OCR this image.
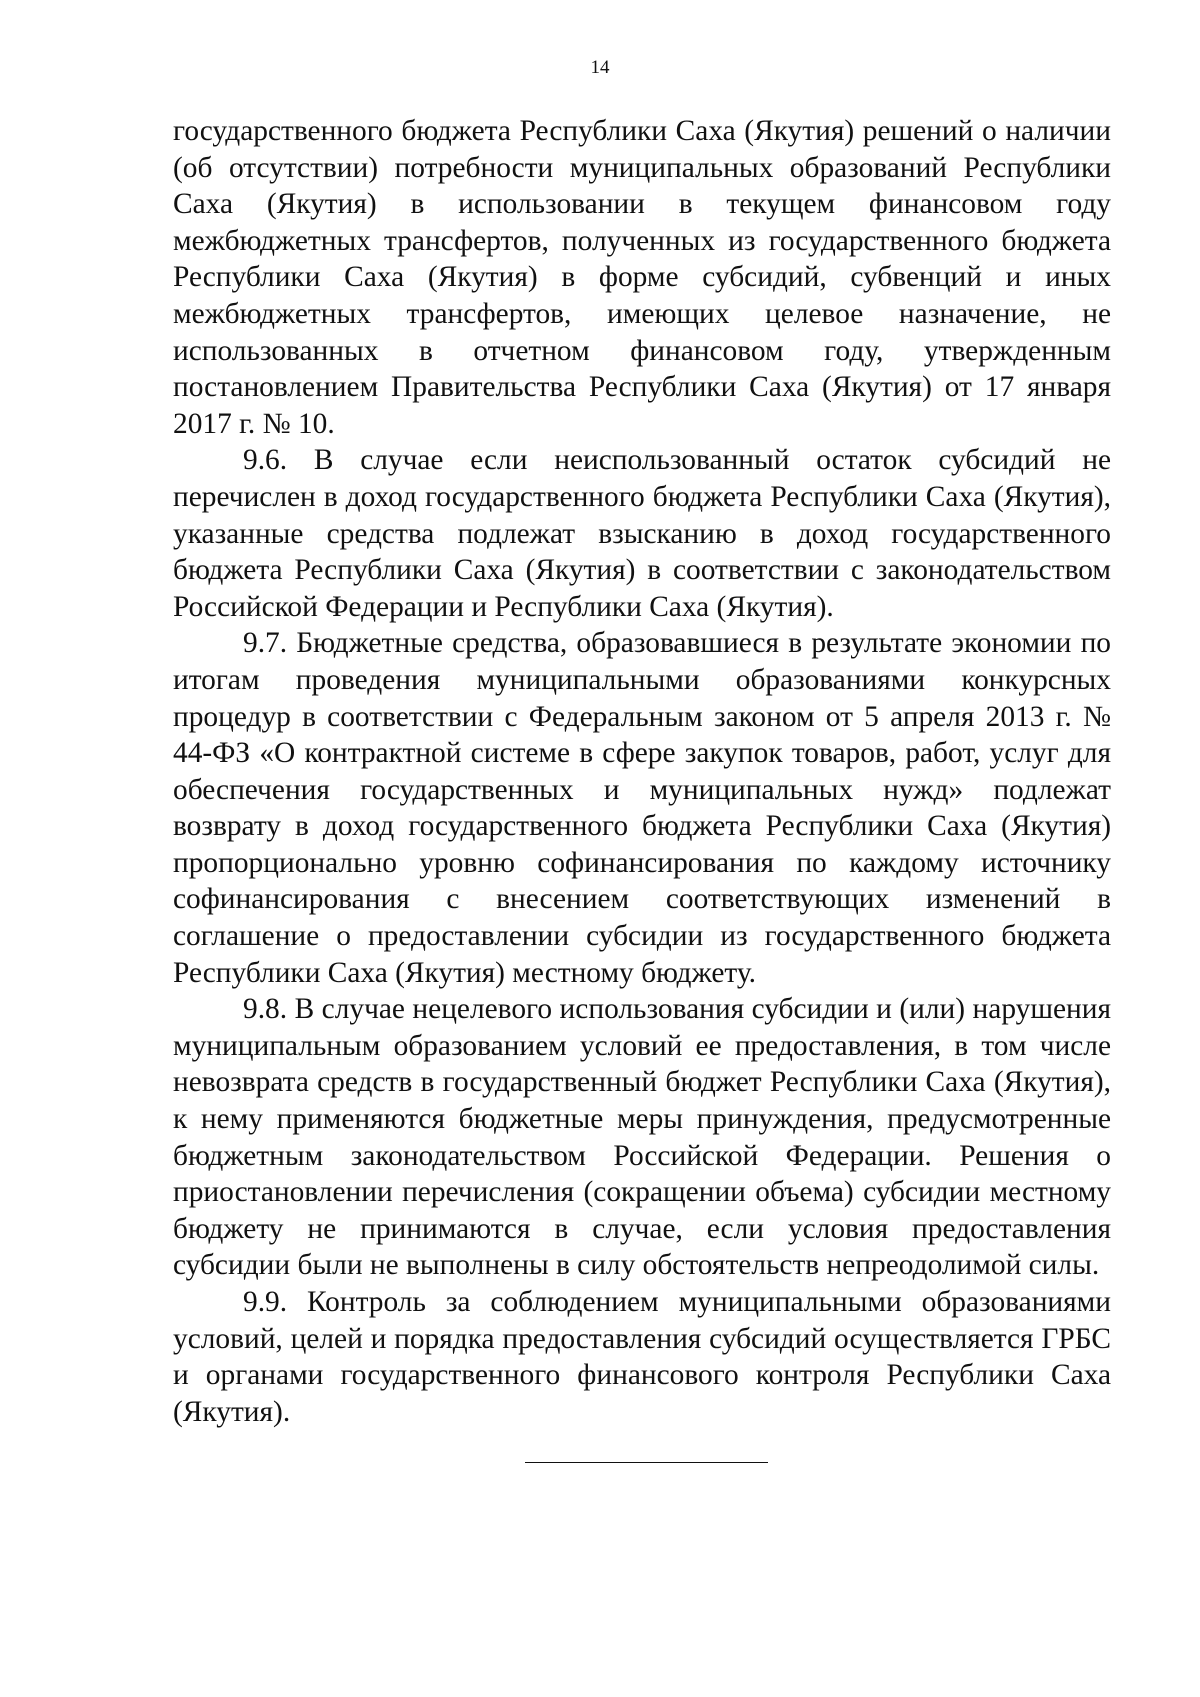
14

государственного бюджета Республики Саха (Якутия) решений о наличии (об отсутствии) потребности муниципальных образований Республики Саха (Якутия) в использовании в текущем финансовом году межбюджетных трансфертов, полученных из государственного бюджета Республики Саха (Якутия) в форме субсидий, субвенций и иных межбюджетных трансфертов, имеющих целевое назначение, не использованных в отчетном финансовом году, утвержденным постановлением Правительства Республики Саха (Якутия) от 17 января 2017 г. № 10.

9.6. В случае если неиспользованный остаток субсидий не перечислен в доход государственного бюджета Республики Саха (Якутия), указанные средства подлежат взысканию в доход государственного бюджета Республики Саха (Якутия) в соответствии с законодательством Российской Федерации и Республики Саха (Якутия).

9.7. Бюджетные средства, образовавшиеся в результате экономии по итогам проведения муниципальными образованиями конкурсных процедур в соответствии с Федеральным законом от 5 апреля 2013 г. № 44-ФЗ «О контрактной системе в сфере закупок товаров, работ, услуг для обеспечения государственных и муниципальных нужд» подлежат возврату в доход государственного бюджета Республики Саха (Якутия) пропорционально уровню софинансирования по каждому источнику софинансирования с внесением соответствующих изменений в соглашение о предоставлении субсидии из государственного бюджета Республики Саха (Якутия) местному бюджету.

9.8. В случае нецелевого использования субсидии и (или) нарушения муниципальным образованием условий ее предоставления, в том числе невозврата средств в государственный бюджет Республики Саха (Якутия), к нему применяются бюджетные меры принуждения, предусмотренные бюджетным законодательством Российской Федерации. Решения о приостановлении перечисления (сокращении объема) субсидии местному бюджету не принимаются в случае, если условия предоставления субсидии были не выполнены в силу обстоятельств непреодолимой силы.

9.9. Контроль за соблюдением муниципальными образованиями условий, целей и порядка предоставления субсидий осуществляется ГРБС и органами государственного финансового контроля Республики Саха (Якутия).
